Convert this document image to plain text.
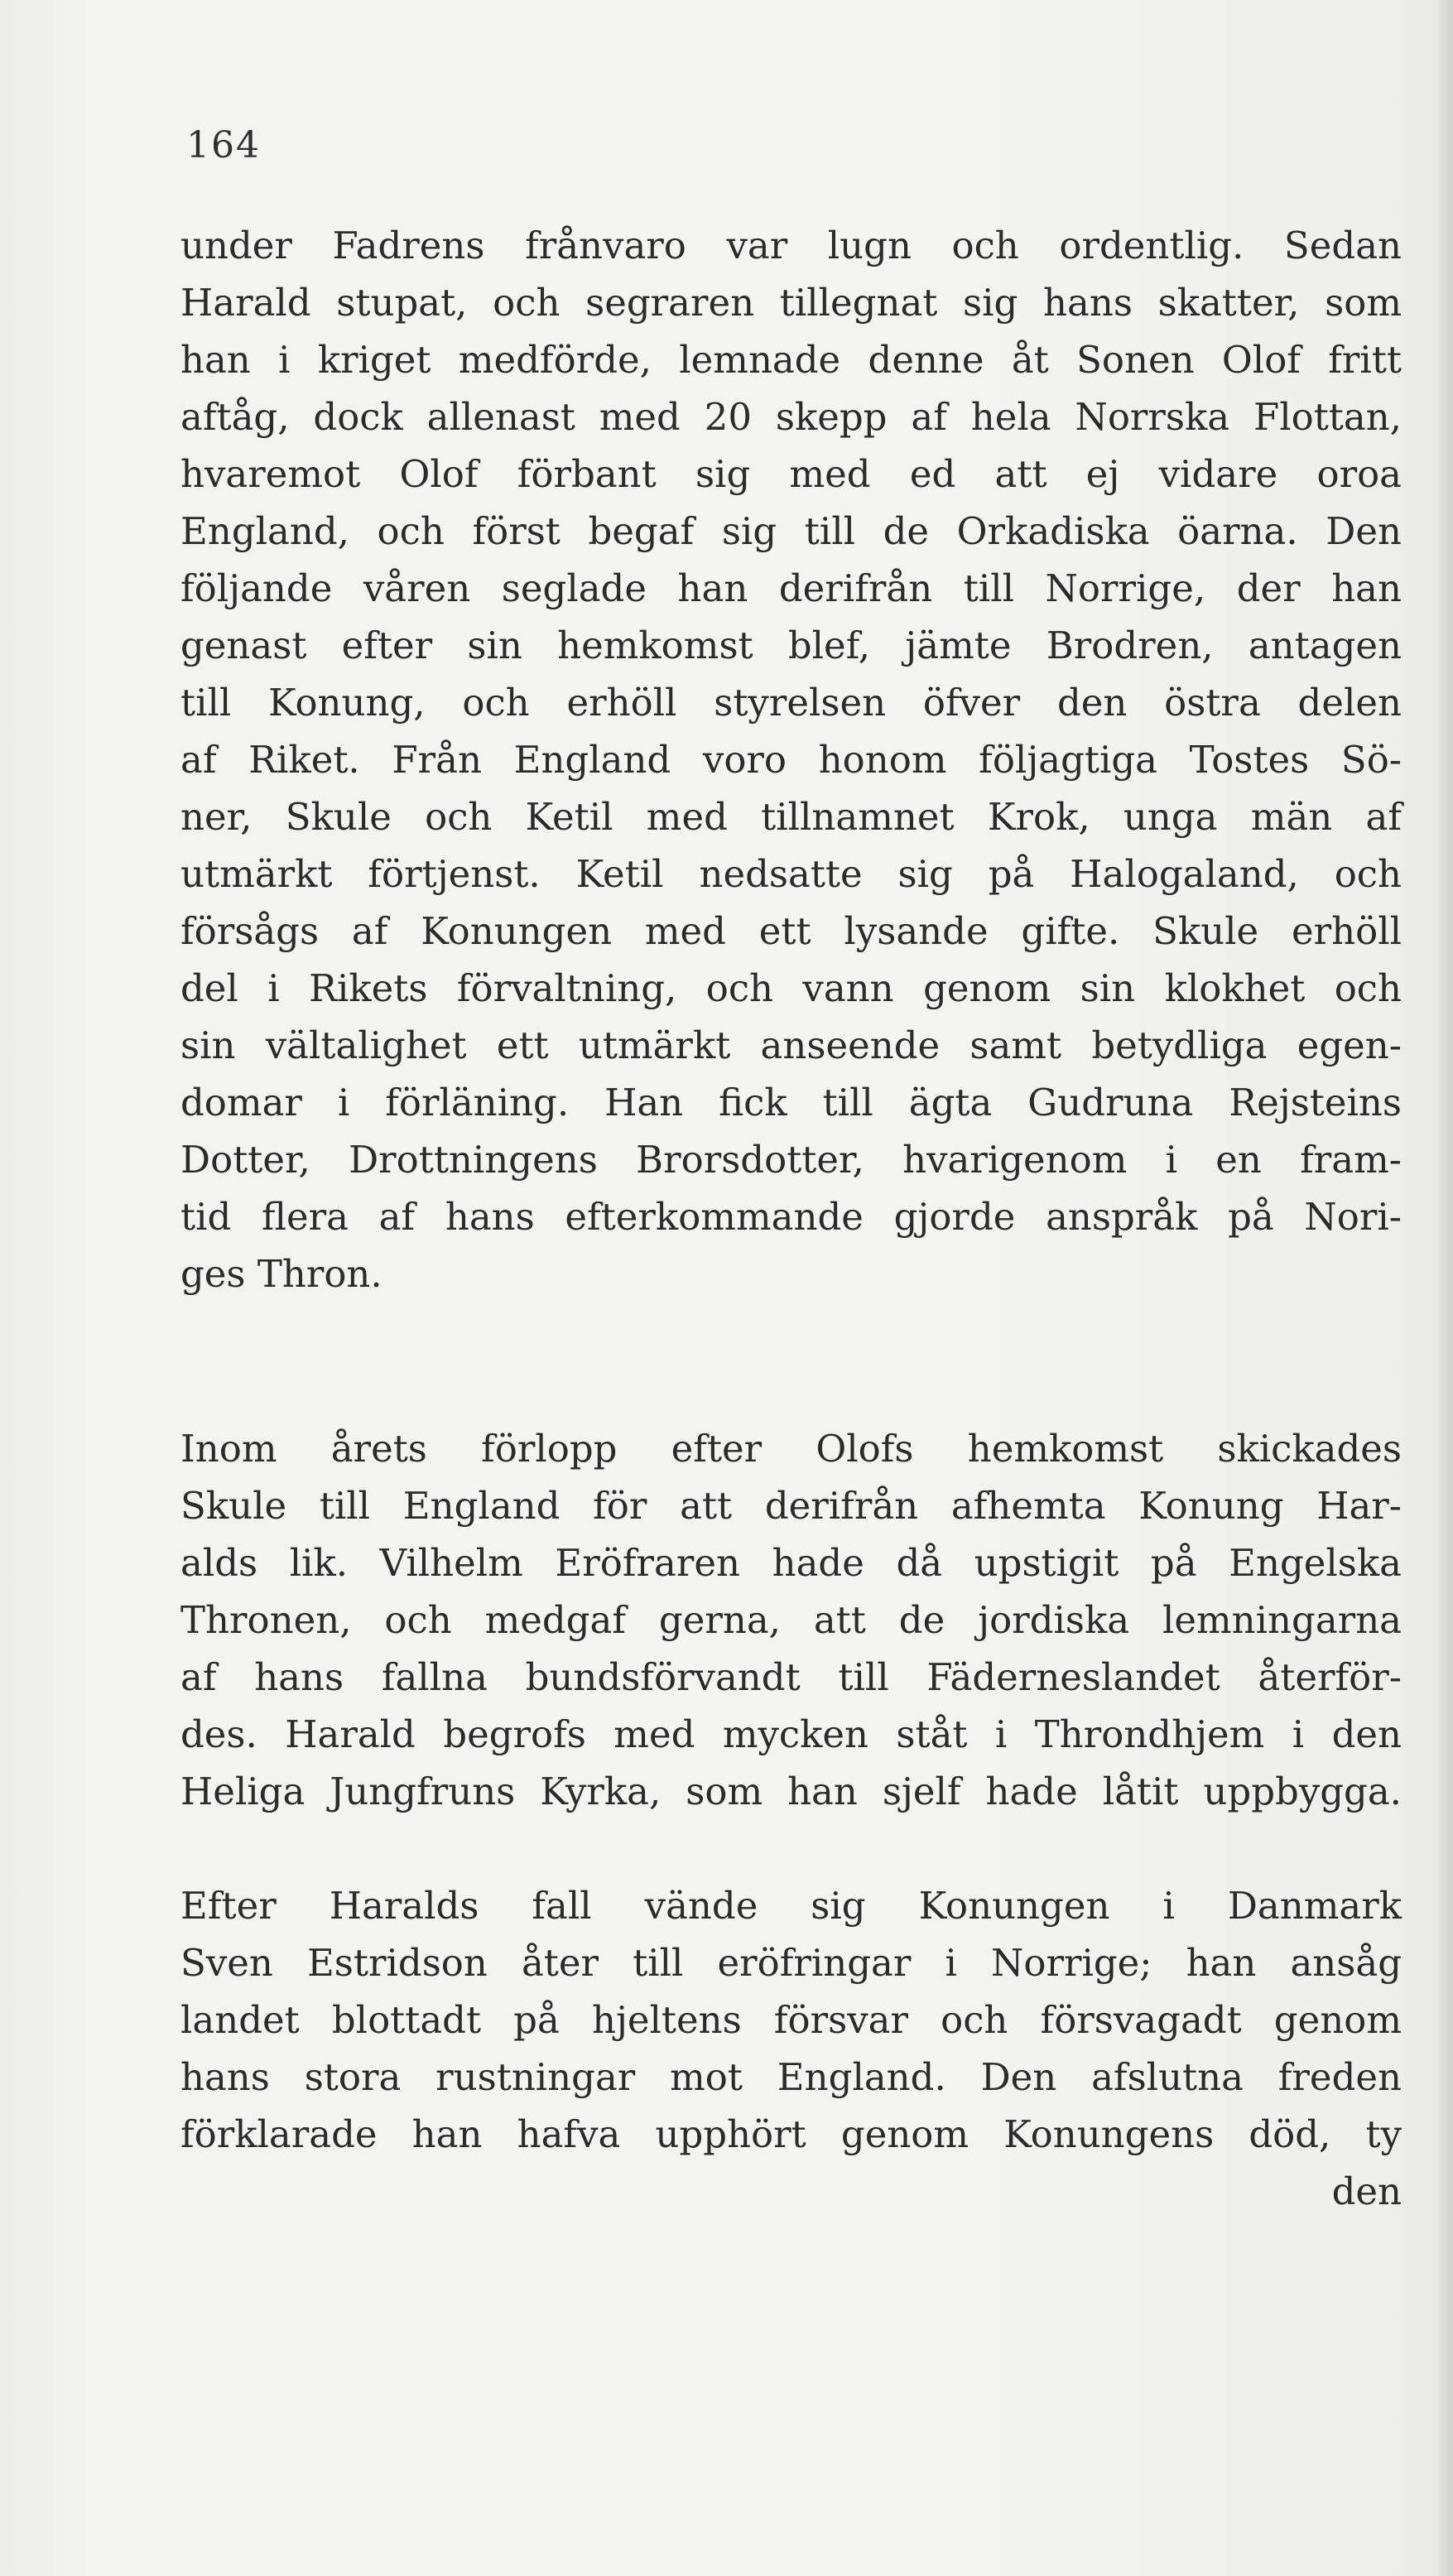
164
under Fadrens frånvaro var lugn och ordentlig. Sedan
Harald stupat, och segraren tillegnat sig hans skatter, som
han i kriget medförde, lemnade denne åt Sonen Olof fritt
aftåg, dock allenast med 20 skepp af hela Norrska Flottan,
hvaremot Olof förbant sig med ed att ej vidare oroa
England, och först begaf sig till de Orkadiska öarna. Den
följande våren seglade han derifrån till Norrige, der han
genast efter sin hemkomst blef, jämte Brodren, antagen
till Konung, och erhöll styrelsen öfver den östra delen
af Riket. Från England voro honom följagtiga Tostes Sö-
ner, Skule och Ketil med tillnamnet Krok, unga män af
utmärkt förtjenst. Ketil nedsatte sig på Halogaland, och
försågs af Konungen med ett lysande gifte. Skule erhöll
del i Rikets förvaltning, och vann genom sin klokhet och
sin vältalighet ett utmärkt anseende samt betydliga egen-
domar i förläning. Han fick till ägta Gudruna Rejsteins
Dotter, Drottningens Brorsdotter, hvarigenom i en fram-
tid flera af hans efterkommande gjorde anspråk på Nori-
ges Thron.
Inom årets förlopp efter Olofs hemkomst skickades
Skule till England för att derifrån afhemta Konung Har-
alds lik. Vilhelm Eröfraren hade då upstigit på Engelska
Thronen, och medgaf gerna, att de jordiska lemningarna
af hans fallna bundsförvandt till Fäderneslandet återför-
des. Harald begrofs med mycken ståt i Throndhjem i den
Heliga Jungfruns Kyrka, som han sjelf hade låtit uppbygga.
Efter Haralds fall vände sig Konungen i Danmark
Sven Estridson åter till eröfringar i Norrige; han ansåg
landet blottadt på hjeltens försvar och försvagadt genom
hans stora rustningar mot England. Den afslutna freden
förklarade han hafva upphört genom Konungens död, ty
den
